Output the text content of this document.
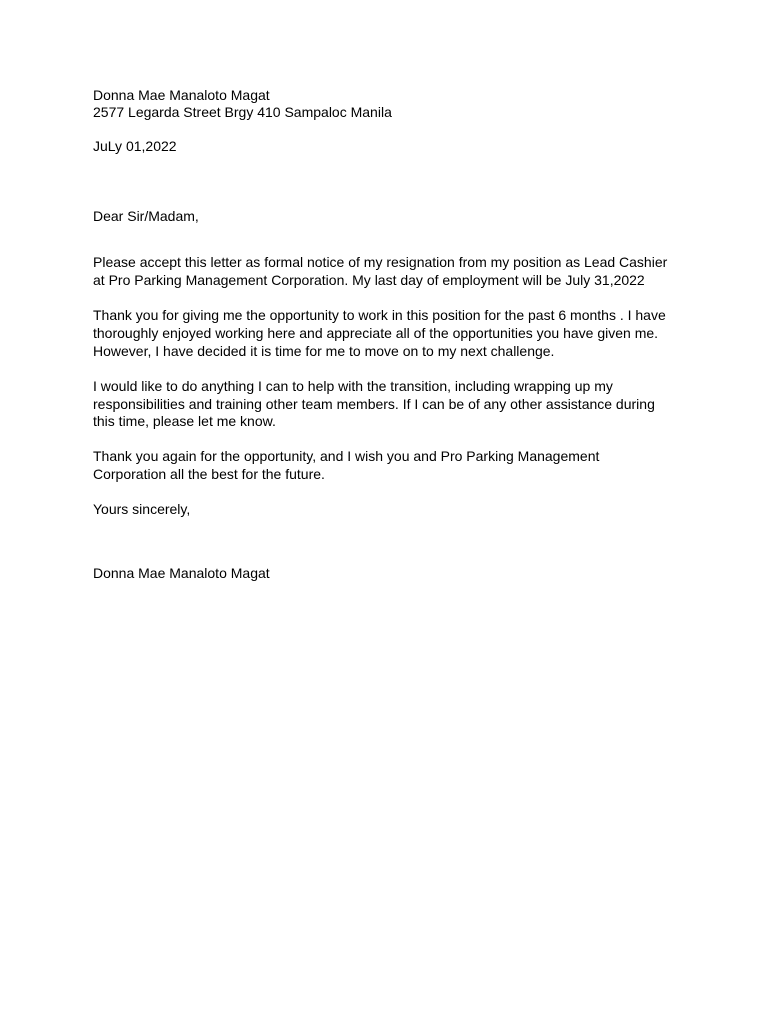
Donna Mae Manaloto Magat
2577 Legarda Street Brgy 410 Sampaloc Manila
JuLy 01,2022
Dear Sir/Madam,
Please accept this letter as formal notice of my resignation from my position as Lead Cashier
at Pro Parking Management Corporation. My last day of employment will be July 31,2022
Thank you for giving me the opportunity to work in this position for the past 6 months . I have
thoroughly enjoyed working here and appreciate all of the opportunities you have given me.
However, I have decided it is time for me to move on to my next challenge.
I would like to do anything I can to help with the transition, including wrapping up my
responsibilities and training other team members. If I can be of any other assistance during
this time, please let me know.
Thank you again for the opportunity, and I wish you and Pro Parking Management
Corporation all the best for the future.
Yours sincerely,
Donna Mae Manaloto Magat
